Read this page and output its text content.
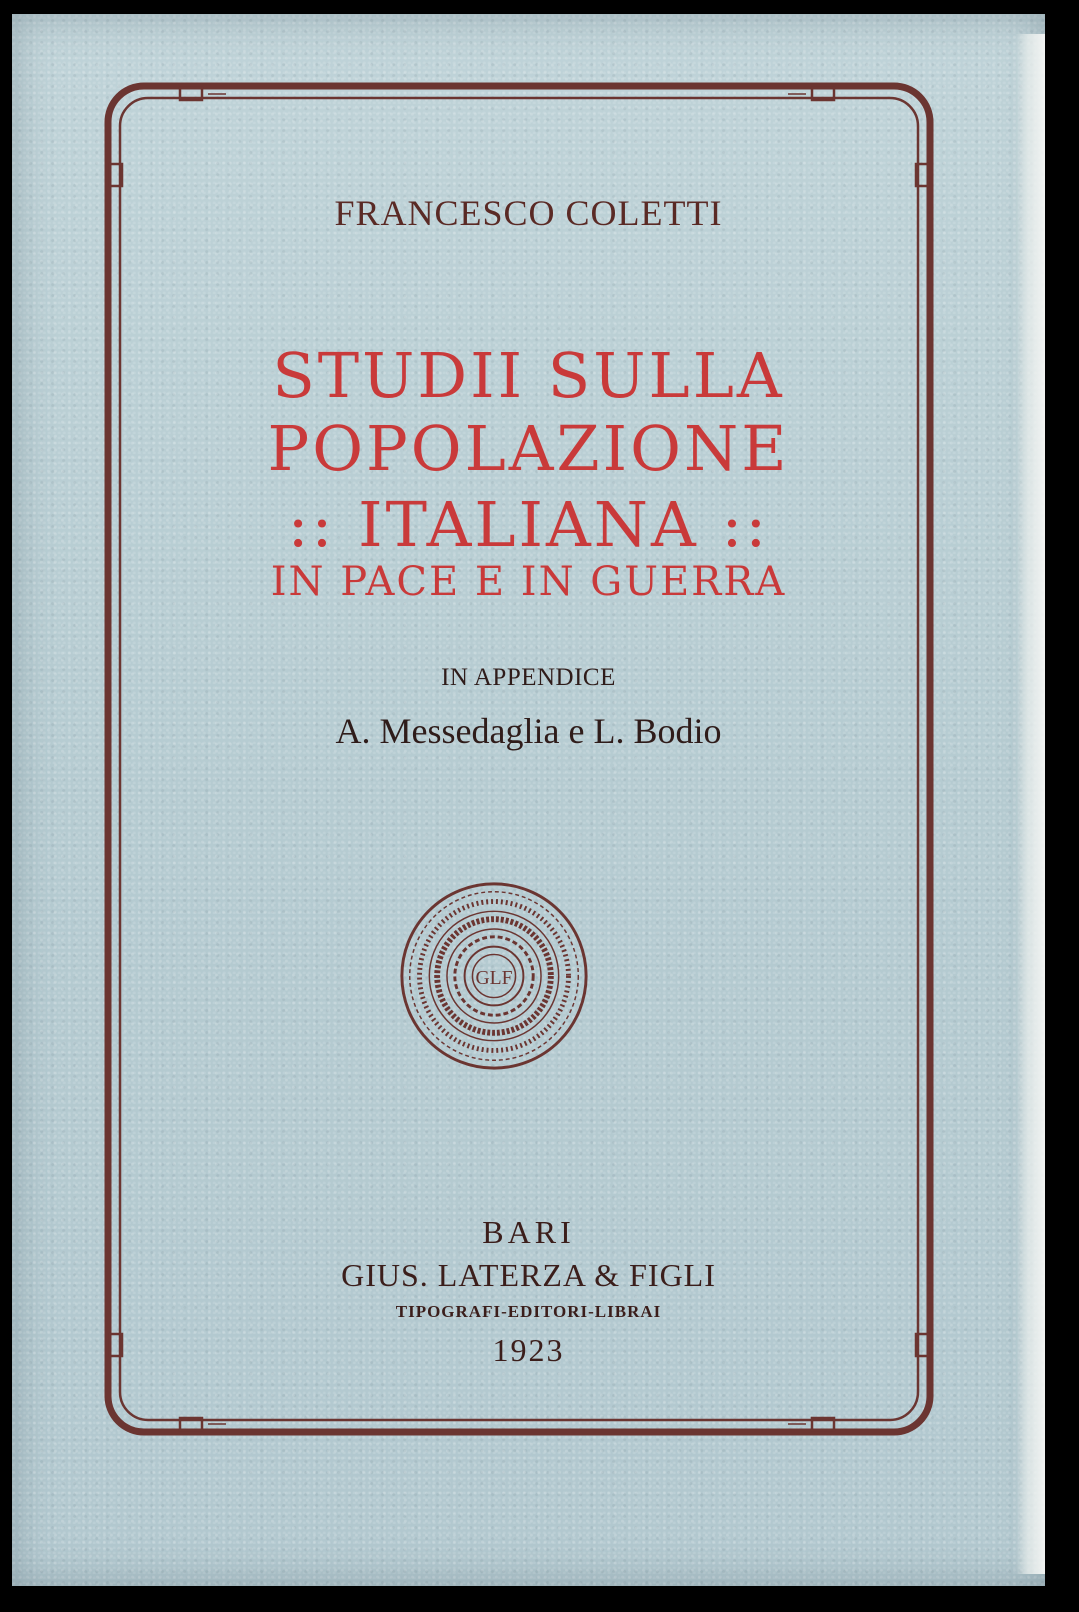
FRANCESCO COLETTI
STUDII SULLA
POPOLAZIONE
:: ITALIANA ::
IN PACE E IN GUERRA
IN APPENDICE
A. Messedaglia e L. Bodio
GLF
BARI
GIUS. LATERZA & FIGLI
TIPOGRAFI-EDITORI-LIBRAI
1923
